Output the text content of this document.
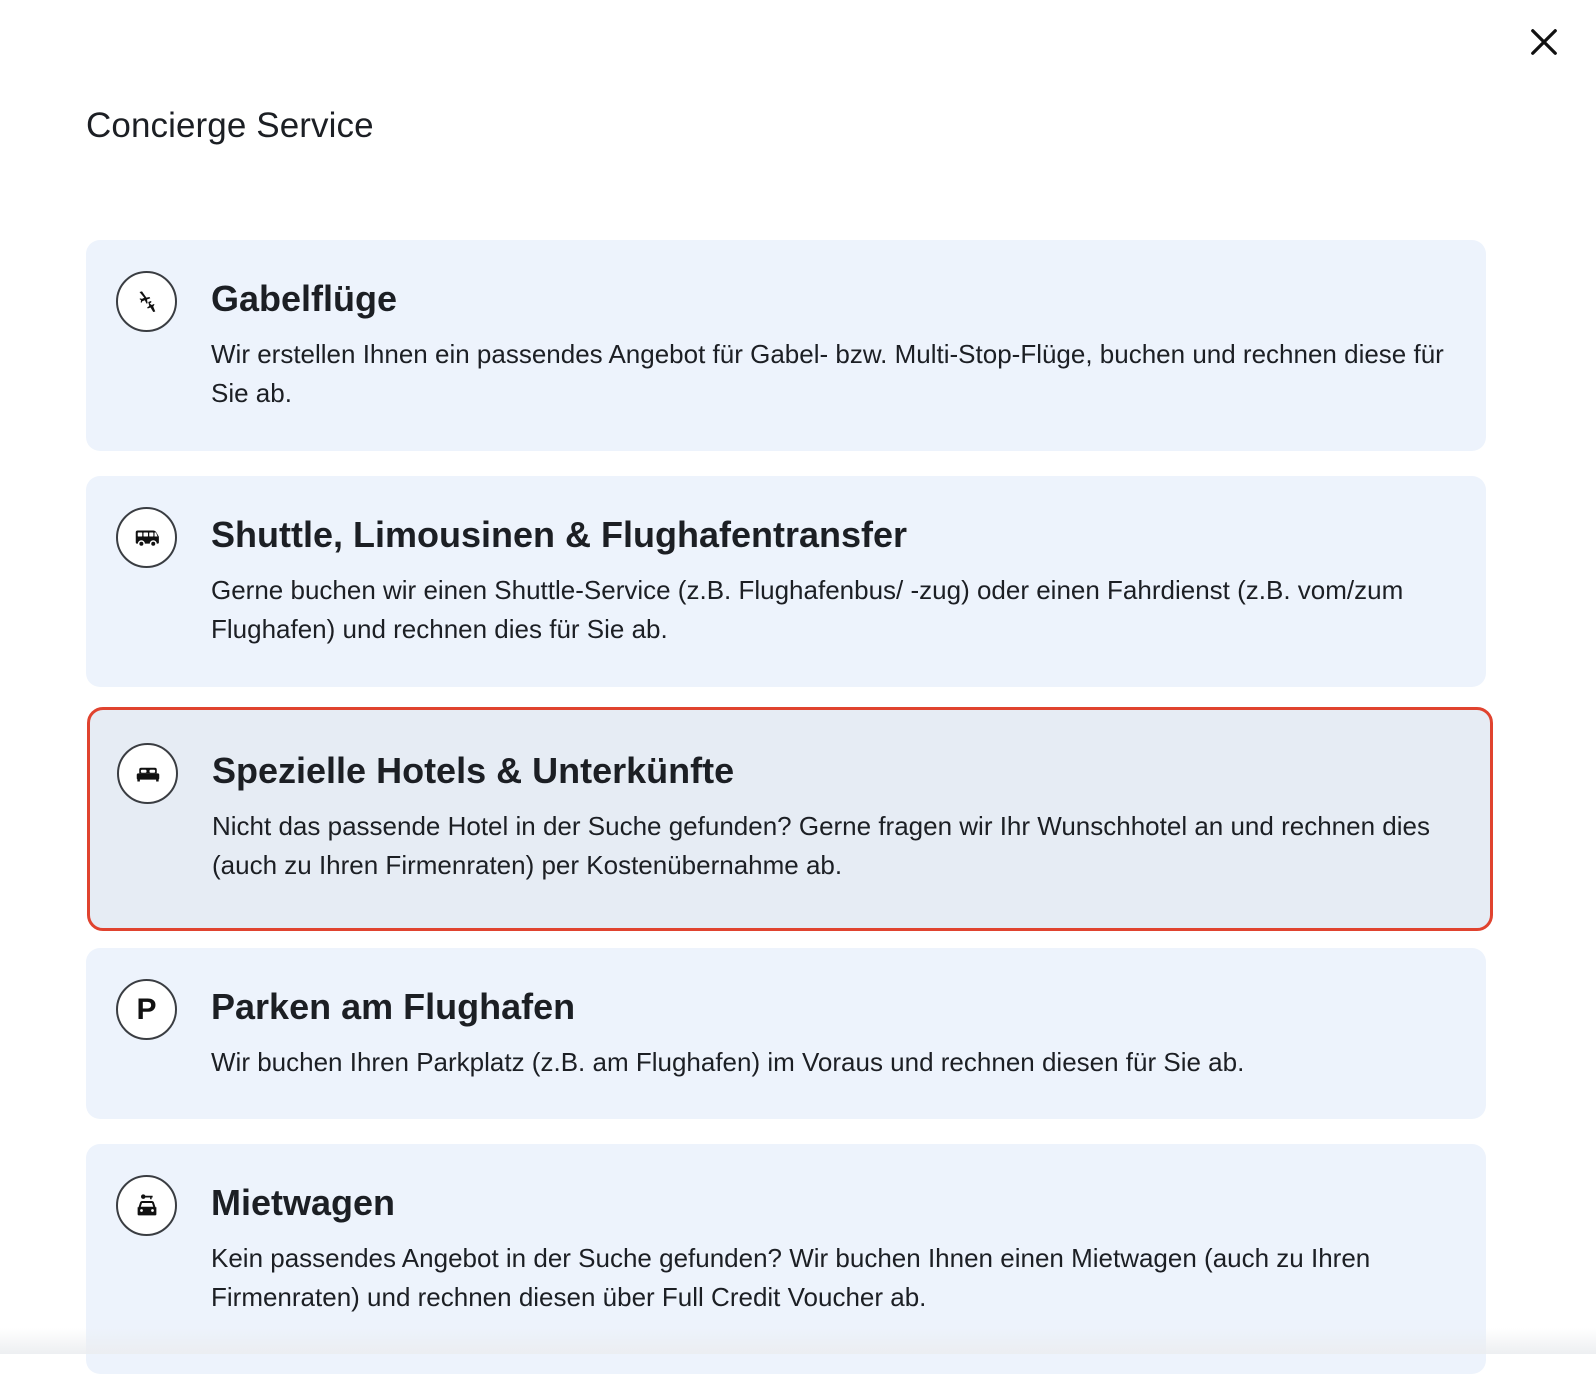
Concierge Service
Gabelflüge

Wir erstellen Ihnen ein passendes Angebot für Gabel- bzw. Multi-Stop-Flüge, buchen und rechnen diese für Sie ab.

Shuttle, Limousinen & Flughafentransfer

Gerne buchen wir einen Shuttle-Service (z.B. Flughafenbus/ -zug) oder einen Fahrdienst (z.B. vom/zum Flughafen) und rechnen dies für Sie ab.

Spezielle Hotels & Unterkünfte

Nicht das passende Hotel in der Suche gefunden? Gerne fragen wir Ihr Wunschhotel an und rechnen dies (auch zu Ihren Firmenraten) per Kostenübernahme ab.

P Parken am Flughafen

Wir buchen Ihren Parkplatz (z.B. am Flughafen) im Voraus und rechnen diesen für Sie ab.

Mietwagen

Kein passendes Angebot in der Suche gefunden? Wir buchen Ihnen einen Mietwagen (auch zu Ihren Firmenraten) und rechnen diesen über Full Credit Voucher ab.
